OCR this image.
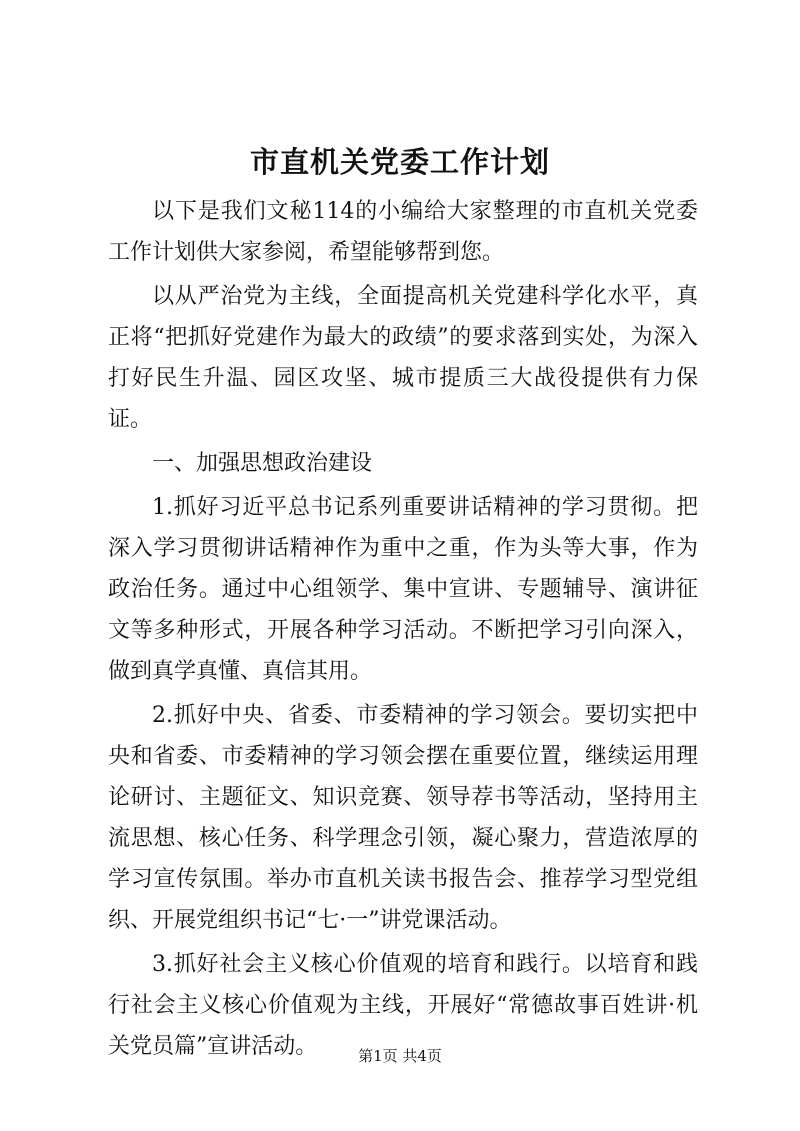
市直机关党委工作计划

以下是我们文秘114的小编给大家整理的市直机关党委工作计划供大家参阅，希望能够帮到您。

以从严治党为主线，全面提高机关党建科学化水平，真正将“把抓好党建作为最大的政绩”的要求落到实处，为深入打好民生升温、园区攻坚、城市提质三大战役提供有力保证。

一、加强思想政治建设

1.抓好习近平总书记系列重要讲话精神的学习贯彻。把深入学习贯彻讲话精神作为重中之重，作为头等大事，作为政治任务。通过中心组领学、集中宣讲、专题辅导、演讲征文等多种形式，开展各种学习活动。不断把学习引向深入，做到真学真懂、真信其用。

2.抓好中央、省委、市委精神的学习领会。要切实把中央和省委、市委精神的学习领会摆在重要位置，继续运用理论研讨、主题征文、知识竞赛、领导荐书等活动，坚持用主流思想、核心任务、科学理念引领，凝心聚力，营造浓厚的学习宣传氛围。举办市直机关读书报告会、推荐学习型党组织、开展党组织书记“七·一”讲党课活动。

3.抓好社会主义核心价值观的培育和践行。以培育和践行社会主义核心价值观为主线，开展好“常德故事百姓讲·机关党员篇”宣讲活动。	第1页 共4页
